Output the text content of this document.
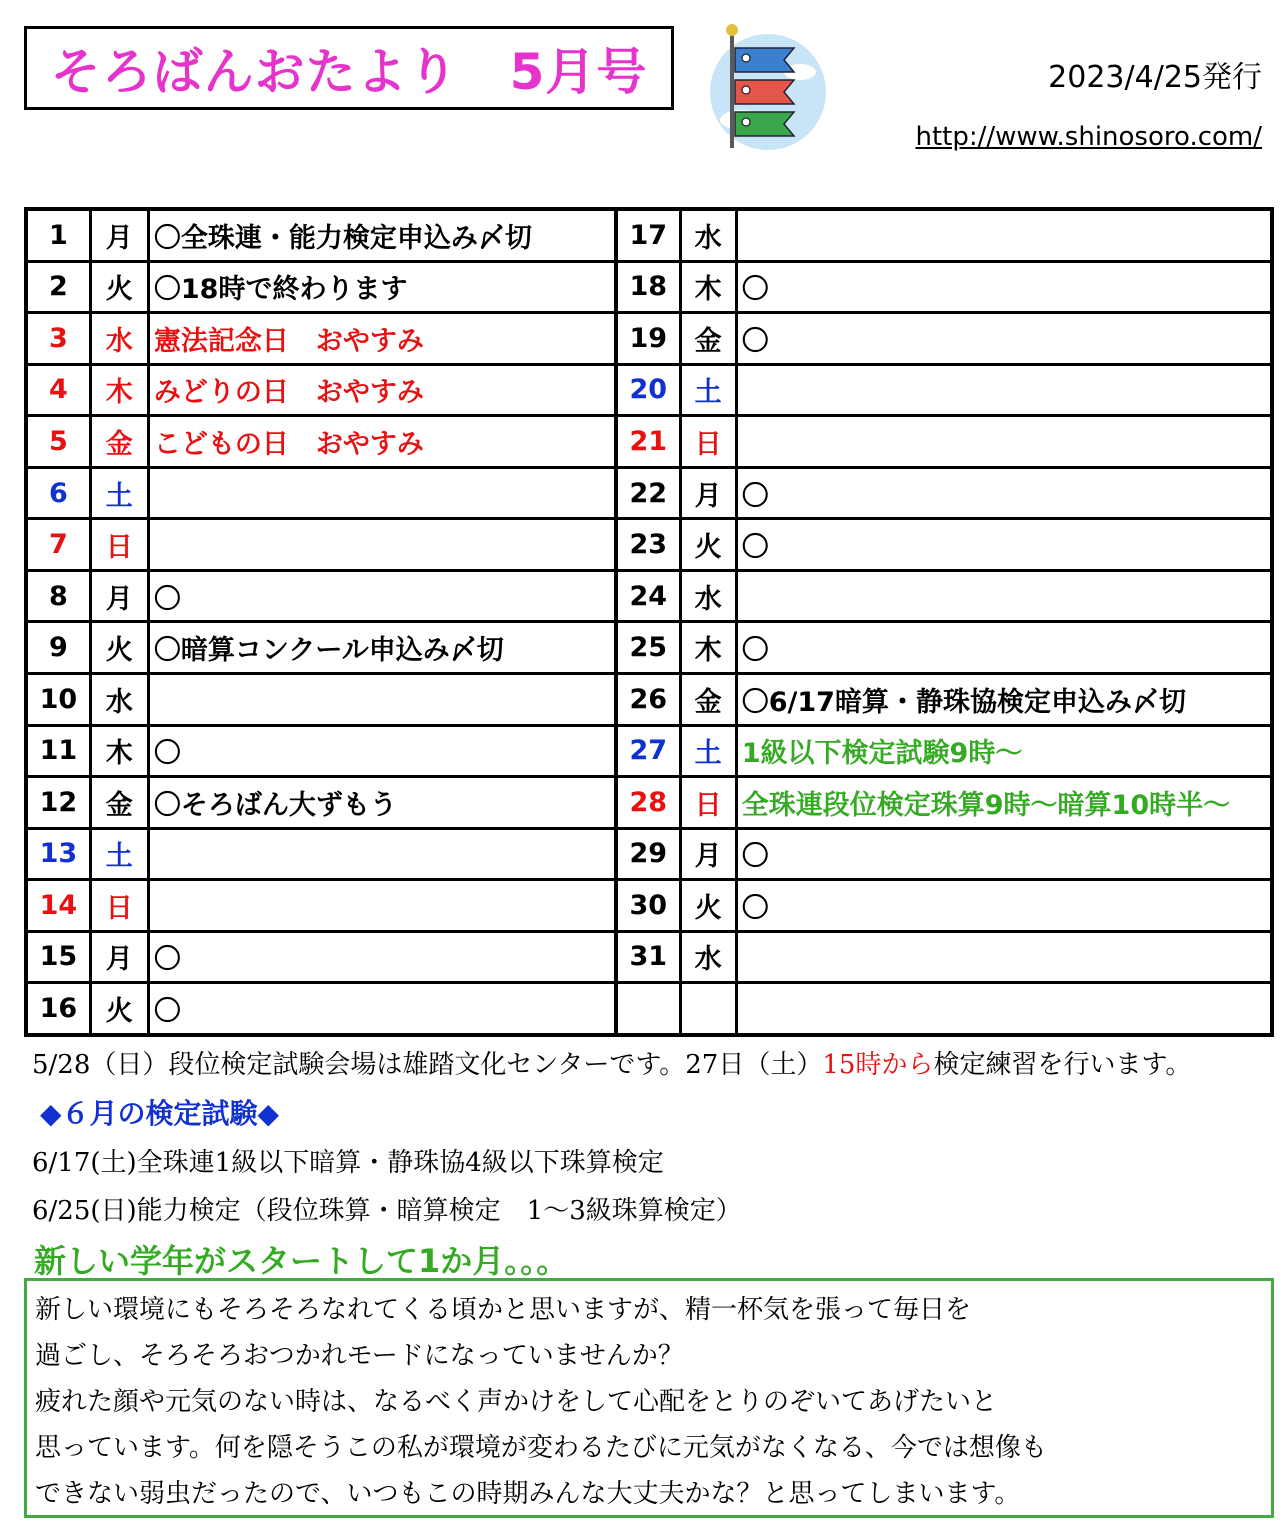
そろばんおたより　5月号	2023/4/25発行
http://www.shinosoro.com/
1	月	〇全珠連・能力検定申込み〆切	17	水	
2	火	〇18時で終わります	18	木	〇
3	水	憲法記念日　おやすみ	19	金	〇
4	木	みどりの日　おやすみ	20	土	
5	金	こどもの日　おやすみ	21	日	
6	土		22	月	〇
7	日		23	火	〇
8	月	〇	24	水	
9	火	〇暗算コンクール申込み〆切	25	木	〇
10	水		26	金	〇6/17暗算・静珠協検定申込み〆切
11	木	〇	27	土	1級以下検定試験9時～
12	金	〇そろばん大ずもう	28	日	全珠連段位検定珠算9時～暗算10時半～
13	土		29	月	〇
14	日		30	火	〇
15	月	〇	31	水	
16	火	〇			
5/28（日）段位検定試験会場は雄踏文化センターです。27日（土）15時から検定練習を行います。
◆６月の検定試験◆
6/17(土)全珠連1級以下暗算・静珠協4級以下珠算検定
6/25(日)能力検定（段位珠算・暗算検定　1～3級珠算検定）
新しい学年がスタートして1か月。。。

新しい環境にもそろそろなれてくる頃かと思いますが、精一杯気を張って毎日を

過ごし、そろそろおつかれモードになっていませんか？

疲れた顔や元気のない時は、なるべく声かけをして心配をとりのぞいてあげたいと

思っています。何を隠そうこの私が環境が変わるたびに元気がなくなる、今では想像も

できない弱虫だったので、いつもこの時期みんな大丈夫かな？と思ってしまいます。
